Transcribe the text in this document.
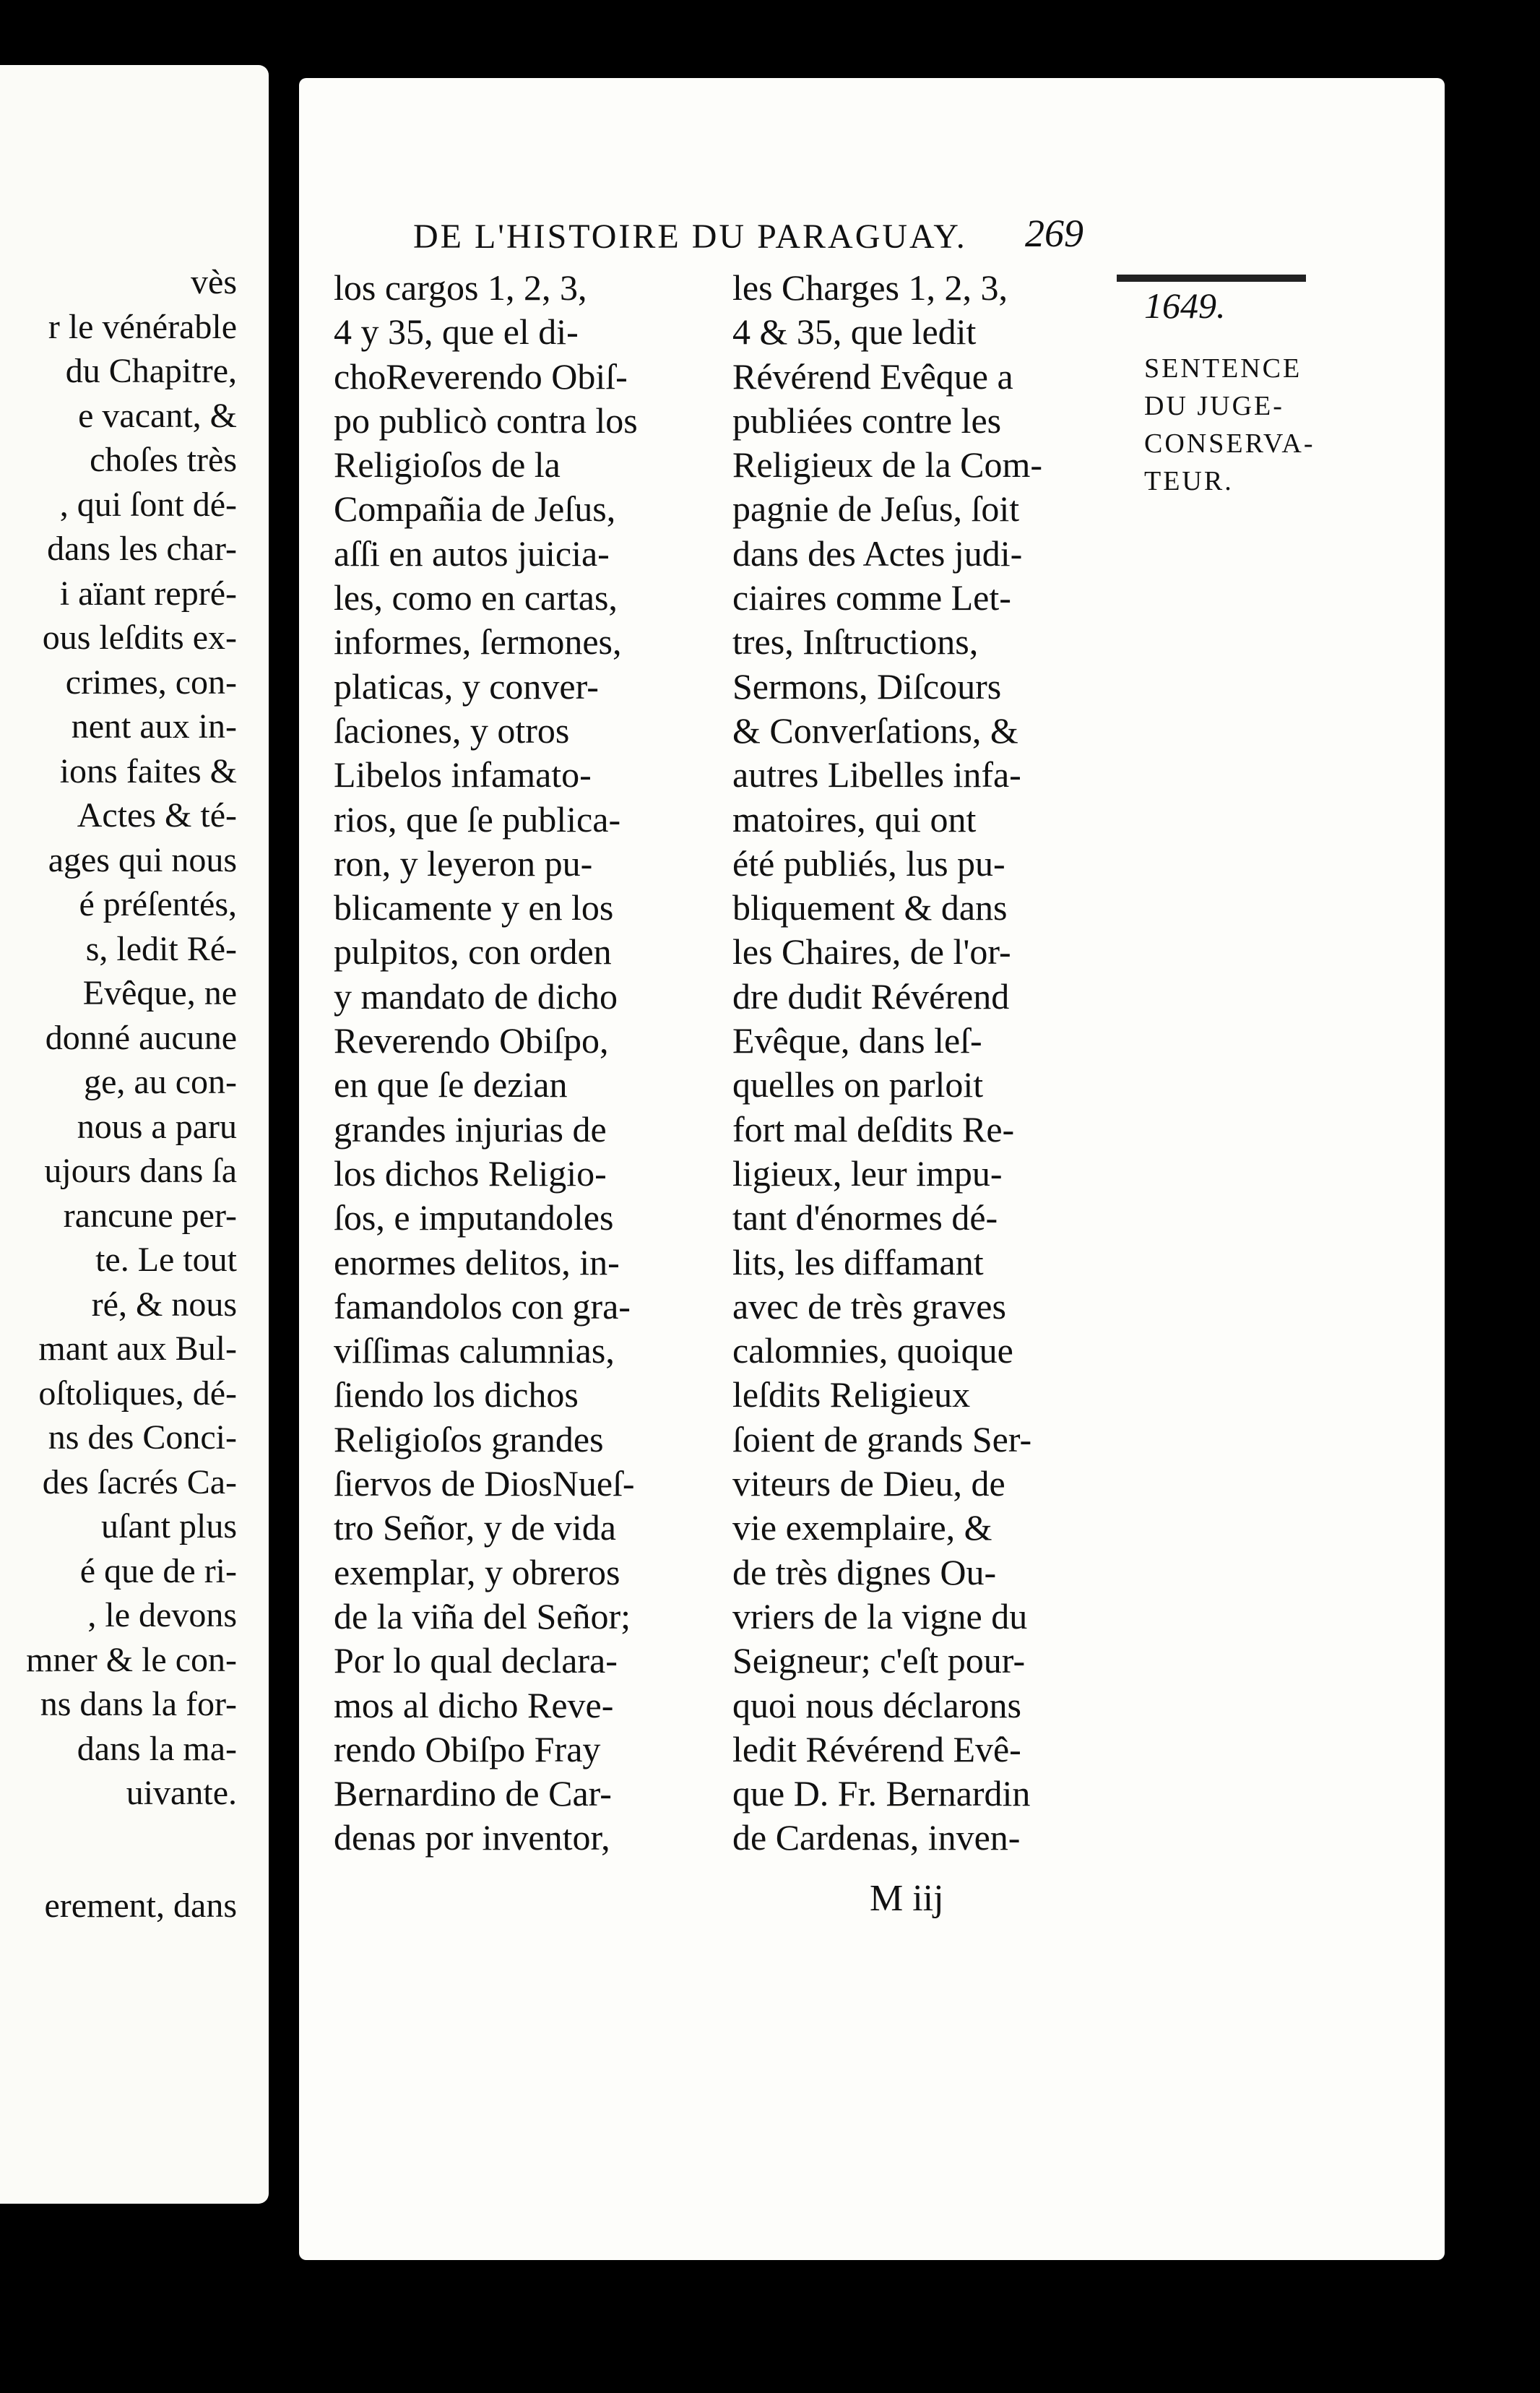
vès
r le vénérable
du Chapitre,
e vacant, &
choſes très
, qui ſont dé-
dans les char-
i aïant repré-
ous leſdits ex-
crimes, con-
nent aux in-
ions faites &
Actes & té-
ages qui nous
é préſentés,
s, ledit Ré-
Evêque, ne
donné aucune
ge, au con-
nous a paru
ujours dans ſa
rancune per-
te. Le tout
ré, & nous
mant aux Bul-
oſtoliques, dé-
ns des Conci-
des ſacrés Ca-
uſant plus
é que de ri-
, le devons
mner & le con-
ns dans la for-
dans la ma-
uivante.
erement, dans
DE L'HISTOIRE DU PARAGUAY. 269
los cargos 1, 2, 3,
4 y 35, que el di-
choReverendo Obiſ-
po publicò contra los
Religioſos de la
Compañia de Jeſus,
aſſi en autos juicia-
les, como en cartas,
informes, ſermones,
platicas, y conver-
ſaciones, y otros
Libelos infamato-
rios, que ſe publica-
ron, y leyeron pu-
blicamente y en los
pulpitos, con orden
y mandato de dicho
Reverendo Obiſpo,
en que ſe dezian
grandes injurias de
los dichos Religio-
ſos, e imputandoles
enormes delitos, in-
famandolos con gra-
viſſimas calumnias,
ſiendo los dichos
Religioſos grandes
ſiervos de DiosNueſ-
tro Señor, y de vida
exemplar, y obreros
de la viña del Señor;
Por lo qual declara-
mos al dicho Reve-
rendo Obiſpo Fray
Bernardino de Car-
denas por inventor,
les Charges 1, 2, 3,
4 & 35, que ledit
Révérend Evêque a
publiées contre les
Religieux de la Com-
pagnie de Jeſus, ſoit
dans des Actes judi-
ciaires comme Let-
tres, Inſtructions,
Sermons, Diſcours
& Converſations, &
autres Libelles infa-
matoires, qui ont
été publiés, lus pu-
bliquement & dans
les Chaires, de l'or-
dre dudit Révérend
Evêque, dans leſ-
quelles on parloit
fort mal deſdits Re-
ligieux, leur impu-
tant d'énormes dé-
lits, les diffamant
avec de très graves
calomnies, quoique
leſdits Religieux
ſoient de grands Ser-
viteurs de Dieu, de
vie exemplaire, &
de très dignes Ou-
vriers de la vigne du
Seigneur; c'eſt pour-
quoi nous déclarons
ledit Révérend Evê-
que D. Fr. Bernardin
de Cardenas, inven-
1649.
SENTENCE
DU JUGE-
CONSERVA-
TEUR.
M iij
